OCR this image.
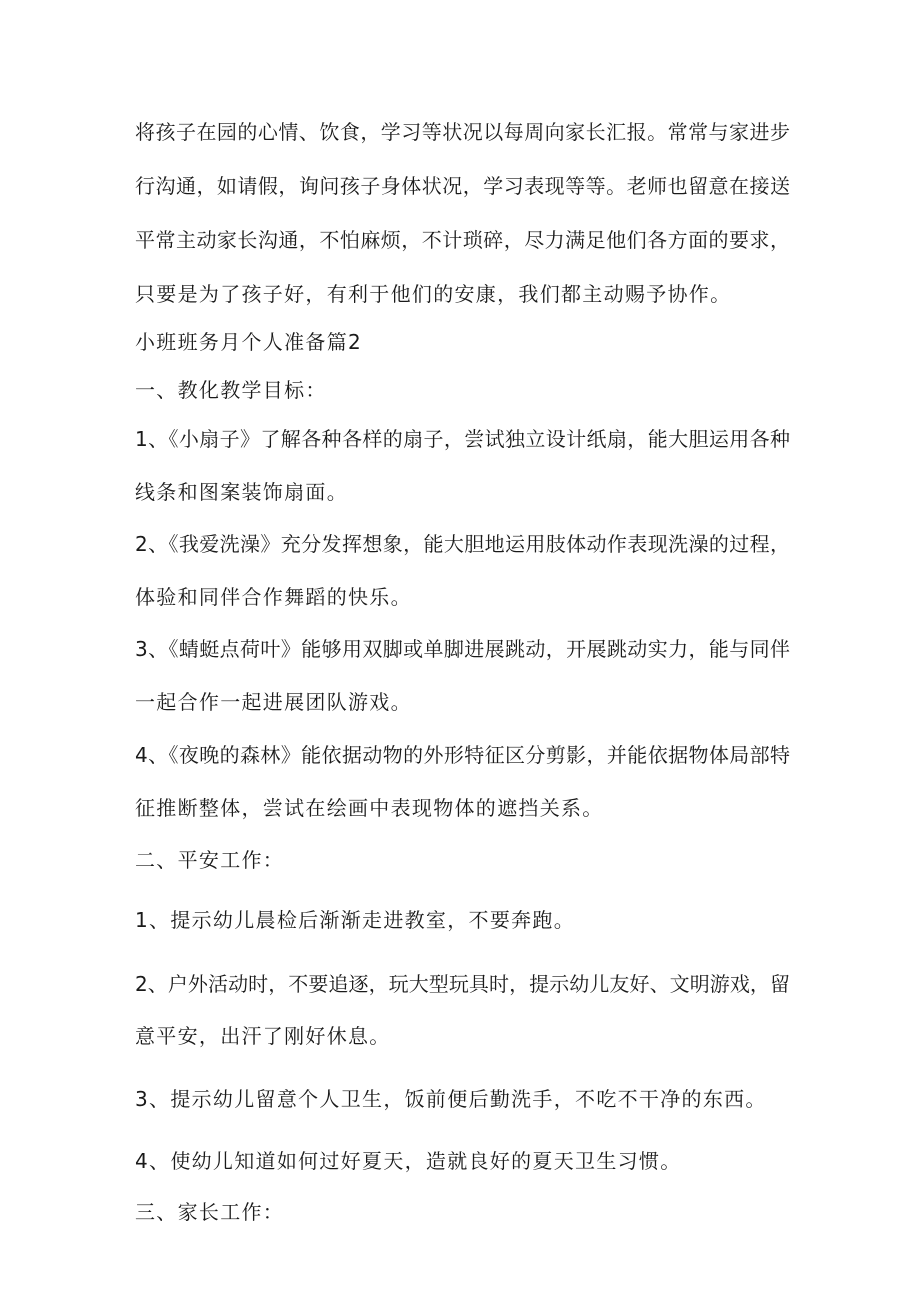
将孩子在园的心情、饮食，学习等状况以每周向家长汇报。常常与家进步
行沟通，如请假，询问孩子身体状况，学习表现等等。老师也留意在接送
平常主动家长沟通，不怕麻烦，不计琐碎，尽力满足他们各方面的要求，
只要是为了孩子好，有利于他们的安康，我们都主动赐予协作。
小班班务月个人准备篇2
一、教化教学目标：
1、《小扇子》了解各种各样的扇子，尝试独立设计纸扇，能大胆运用各种
线条和图案装饰扇面。
2、《我爱洗澡》充分发挥想象，能大胆地运用肢体动作表现洗澡的过程，
体验和同伴合作舞蹈的快乐。
3、《蜻蜓点荷叶》能够用双脚或单脚进展跳动，开展跳动实力，能与同伴
一起合作一起进展团队游戏。
4、《夜晚的森林》能依据动物的外形特征区分剪影，并能依据物体局部特
征推断整体，尝试在绘画中表现物体的遮挡关系。
二、平安工作：
1、提示幼儿晨检后渐渐走进教室，不要奔跑。
2、户外活动时，不要追逐，玩大型玩具时，提示幼儿友好、文明游戏，留
意平安，出汗了刚好休息。
3、提示幼儿留意个人卫生，饭前便后勤洗手，不吃不干净的东西。
4、使幼儿知道如何过好夏天，造就良好的夏天卫生习惯。
三、家长工作：
